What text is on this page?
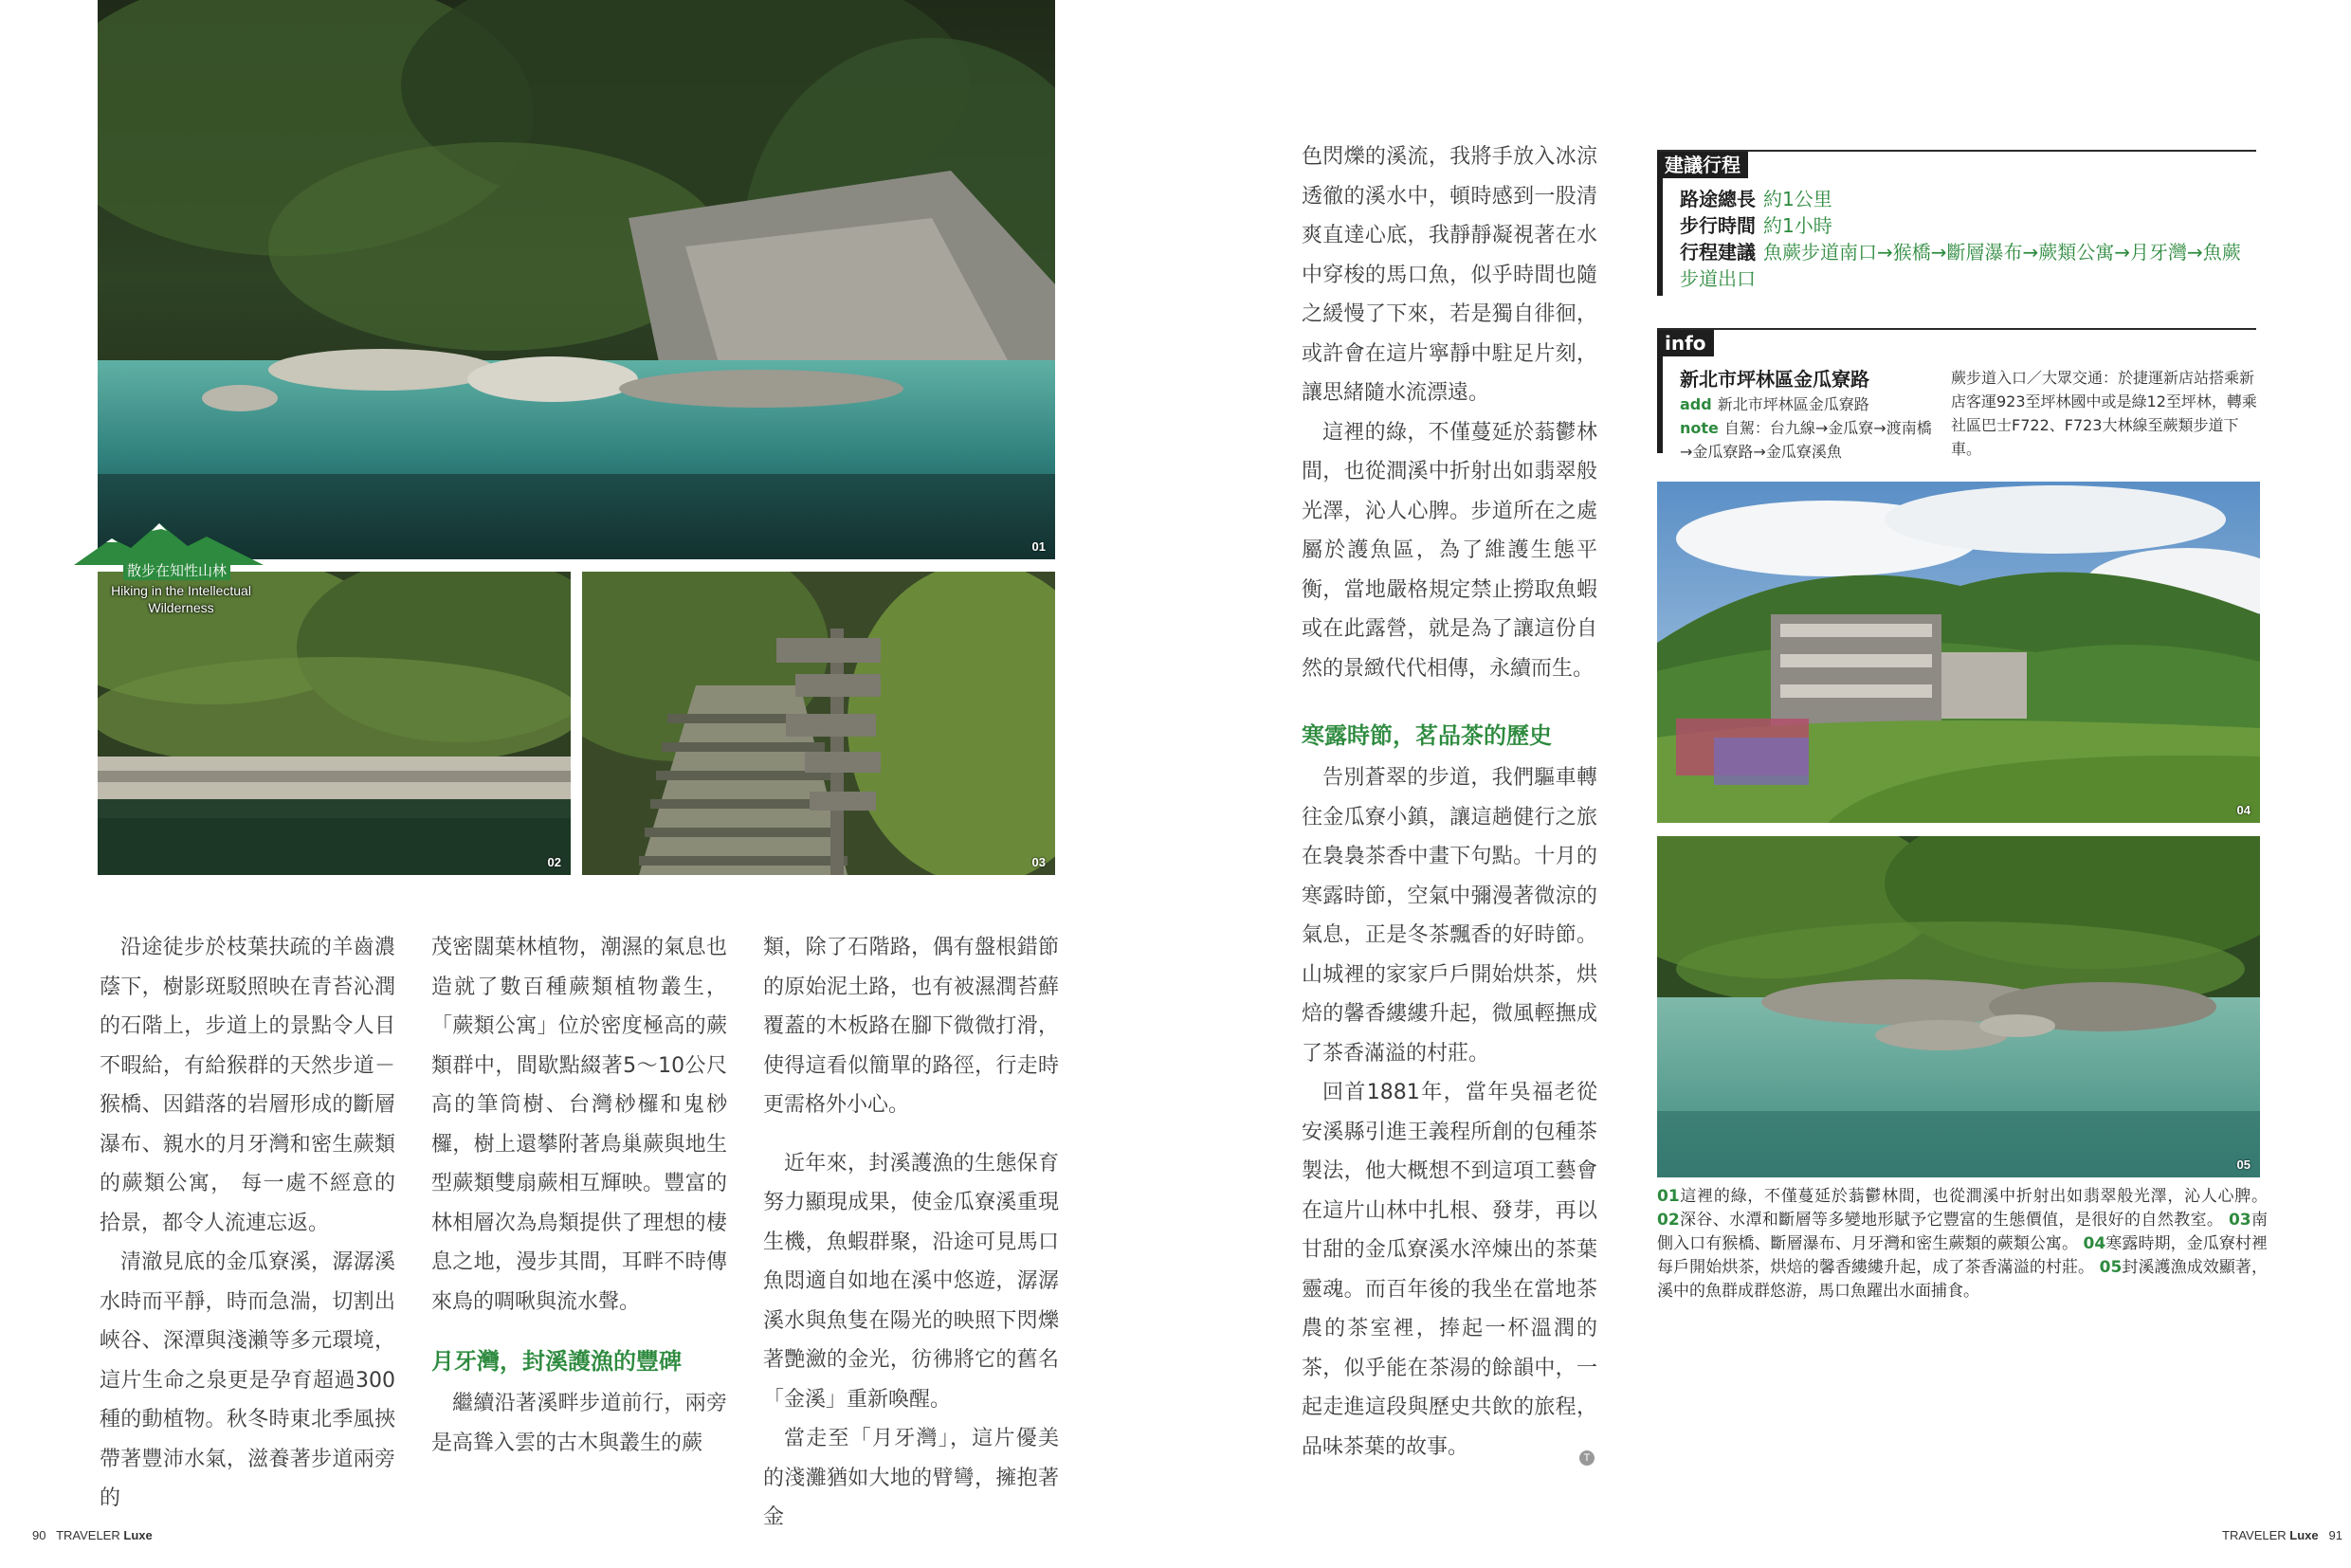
01
02	03
散步在知性山林
Hiking in the Intellectual Wilderness

沿途徒步於枝葉扶疏的羊齒濃蔭下，樹影斑駁照映在青苔沁潤的石階上，步道上的景點令人目不暇給，有給猴群的天然步道－猴橋、因錯落的岩層形成的斷層瀑布、親水的月牙灣和密生蕨類的蕨類公寓， 每一處不經意的拾景，都令人流連忘返。

清澈見底的金瓜寮溪，潺潺溪水時而平靜，時而急湍，切割出峽谷、深潭與淺瀨等多元環境，這片生命之泉更是孕育超過300種的動植物。秋冬時東北季風挾帶著豐沛水氣，滋養著步道兩旁的

茂密闊葉林植物，潮濕的氣息也造就了數百種蕨類植物叢生，「蕨類公寓」位於密度極高的蕨類群中，間歇點綴著5～10公尺高的筆筒樹、台灣桫欏和鬼桫欏，樹上還攀附著鳥巢蕨與地生型蕨類雙扇蕨相互輝映。豐富的林相層次為鳥類提供了理想的棲息之地，漫步其間，耳畔不時傳來鳥的啁啾與流水聲。

月牙灣，封溪護漁的豐碑

繼續沿著溪畔步道前行，兩旁是高聳入雲的古木與叢生的蕨

類，除了石階路，偶有盤根錯節的原始泥土路，也有被濕潤苔蘚覆蓋的木板路在腳下微微打滑，使得這看似簡單的路徑，行走時更需格外小心。

近年來，封溪護漁的生態保育努力顯現成果，使金瓜寮溪重現生機，魚蝦群聚，沿途可見馬口魚悶適自如地在溪中悠遊，潺潺溪水與魚隻在陽光的映照下閃爍著艷瀲的金光，彷彿將它的舊名「金溪」重新喚醒。

當走至「月牙灣」，這片優美的淺灘猶如大地的臂彎，擁抱著金

色閃爍的溪流，我將手放入冰涼透徹的溪水中，頓時感到一股清爽直達心底，我靜靜凝視著在水中穿梭的馬口魚，似乎時間也隨之緩慢了下來，若是獨自徘徊，或許會在這片寧靜中駐足片刻，讓思緒隨水流漂遠。

這裡的綠，不僅蔓延於蓊鬱林間，也從澗溪中折射出如翡翠般光澤，沁人心脾。步道所在之處屬於護魚區，為了維護生態平衡，當地嚴格規定禁止撈取魚蝦或在此露營，就是為了讓這份自然的景緻代代相傳，永續而生。

寒露時節，茗品茶的歷史

告別蒼翠的步道，我們驅車轉往金瓜寮小鎮，讓這趟健行之旅在裊裊茶香中畫下句點。十月的寒露時節，空氣中彌漫著微涼的氣息，正是冬茶飄香的好時節。山城裡的家家戶戶開始烘茶，烘焙的馨香縷縷升起，微風輕撫成了茶香滿溢的村莊。

回首1881年，當年吳福老從安溪縣引進王義程所創的包種茶製法，他大概想不到這項工藝會在這片山林中扎根、發芽，再以甘甜的金瓜寮溪水淬煉出的茶葉靈魂。而百年後的我坐在當地茶農的茶室裡，捧起一杯溫潤的茶，似乎能在茶湯的餘韻中，一起走進這段與歷史共飲的旅程，品味茶葉的故事。	T
建議行程
路途總長 約1公里
步行時間 約1小時
行程建議 魚蕨步道南口→猴橋→斷層瀑布→蕨類公寓→月牙灣→魚蕨步道出口
info
新北市坪林區金瓜寮路
add 新北市坪林區金瓜寮路
note 自駕：台九線→金瓜寮→渡南橋→金瓜寮路→金瓜寮溪魚
蕨步道入口／大眾交通：於捷運新店站搭乘新店客運923至坪林國中或是綠12至坪林，轉乘社區巴士F722、F723大林線至蕨類步道下車。
04
05
01這裡的綠，不僅蔓延於蓊鬱林間，也從澗溪中折射出如翡翠般光澤，沁人心脾。 02深谷、水潭和斷層等多變地形賦予它豐富的生態價值，是很好的自然教室。 03南側入口有猴橋、斷層瀑布、月牙灣和密生蕨類的蕨類公寓。 04寒露時期，金瓜寮村裡每戶開始烘茶，烘焙的馨香縷縷升起，成了茶香滿溢的村莊。 05封溪護漁成效顯著，溪中的魚群成群悠游，馬口魚躍出水面捕食。
90 TRAVELER Luxe	TRAVELER Luxe 91
